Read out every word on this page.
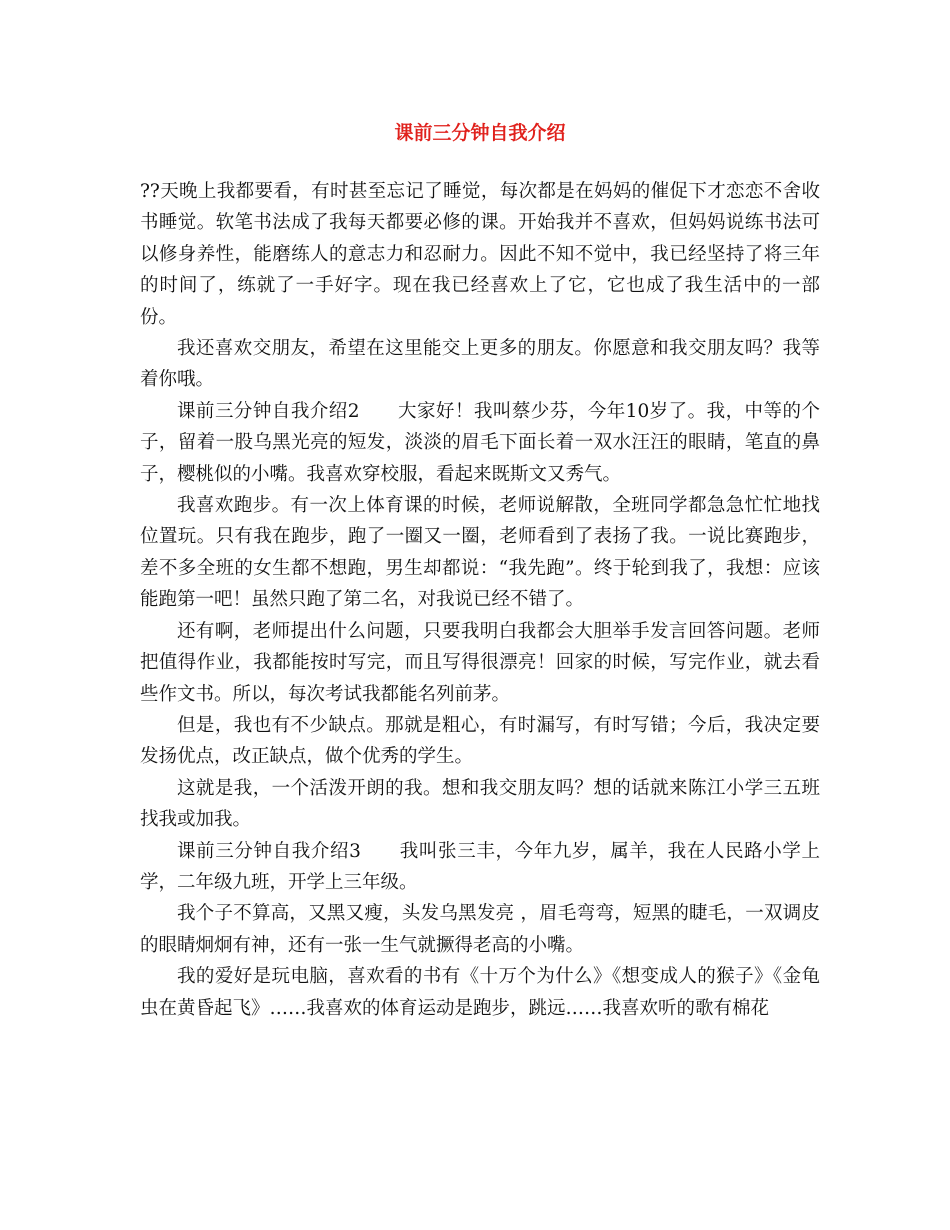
课前三分钟自我介绍

??天晚上我都要看，有时甚至忘记了睡觉，每次都是在妈妈的催促下才恋恋不舍收书睡觉。软笔书法成了我每天都要必修的课。开始我并不喜欢，但妈妈说练书法可以修身养性，能磨练人的意志力和忍耐力。因此不知不觉中，我已经坚持了将三年的时间了，练就了一手好字。现在我已经喜欢上了它，它也成了我生活中的一部份。

我还喜欢交朋友，希望在这里能交上更多的朋友。你愿意和我交朋友吗？我等着你哦。

课前三分钟自我介绍2　　大家好！我叫蔡少芬，今年10岁了。我，中等的个子，留着一股乌黑光亮的短发，淡淡的眉毛下面长着一双水汪汪的眼睛，笔直的鼻子，樱桃似的小嘴。我喜欢穿校服，看起来既斯文又秀气。

我喜欢跑步。有一次上体育课的时候，老师说解散，全班同学都急急忙忙地找位置玩。只有我在跑步，跑了一圈又一圈，老师看到了表扬了我。一说比赛跑步，差不多全班的女生都不想跑，男生却都说：“我先跑”。终于轮到我了，我想：应该能跑第一吧！虽然只跑了第二名，对我说已经不错了。

还有啊，老师提出什么问题，只要我明白我都会大胆举手发言回答问题。老师把值得作业，我都能按时写完，而且写得很漂亮！回家的时候，写完作业，就去看些作文书。所以，每次考试我都能名列前茅。

但是，我也有不少缺点。那就是粗心，有时漏写，有时写错；今后，我决定要发扬优点，改正缺点，做个优秀的学生。

这就是我，一个活泼开朗的我。想和我交朋友吗？想的话就来陈江小学三五班找我或加我。

课前三分钟自我介绍3　　我叫张三丰，今年九岁，属羊，我在人民路小学上学，二年级九班，开学上三年级。

我个子不算高，又黑又瘦，头发乌黑发亮 ，眉毛弯弯，短黑的睫毛，一双调皮的眼睛炯炯有神，还有一张一生气就撅得老高的小嘴。

我的爱好是玩电脑，喜欢看的书有《十万个为什么》《想变成人的猴子》《金龟虫在黄昏起飞》……我喜欢的体育运动是跑步，跳远……我喜欢听的歌有棉花
